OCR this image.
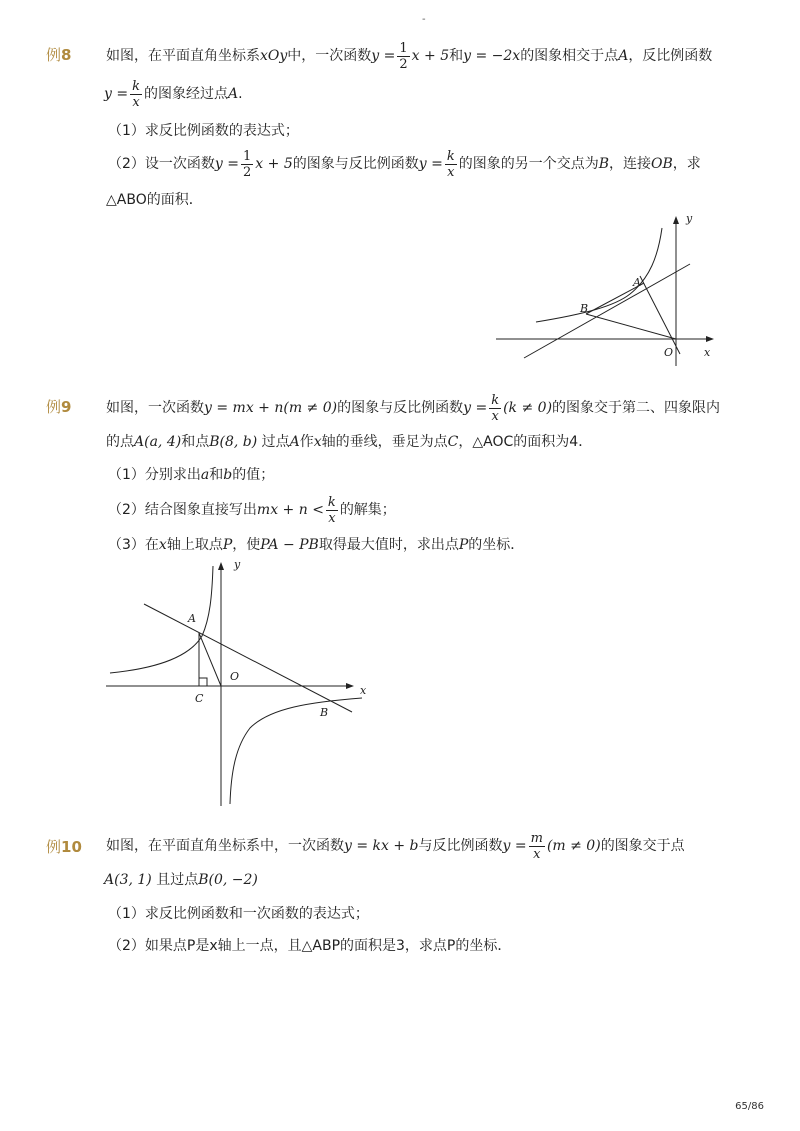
-
例8 如图，在平面直角坐标系xOy中，一次函数$y = \frac{1}{2}$ x + 5和y = −2x的图象相交于点A，反比例函数
$y = \frac{k}{x}$ 的图象经过点A.
（1）求反比例函数的表达式；
（2）设一次函数$y = \frac{1}{2}$ x + 5的图象与反比例函数$y = \frac{k}{x}$ 的图象的另一个交点为B，连接OB，求
△ABO的面积．
y
x
O
A
B
例9 如图，一次函数y = mx + n(m ≠ 0)的图象与反比例函数$y = \frac{k}{x} (k \ne 0)$的图象交于第二、四象限内
的点A(a, 4)和点B(8, b) 过点A作x轴的垂线，垂足为点C，△AOC的面积为4．
（1）分别求出a和b的值；
（2）结合图象直接写出mx + $n < \frac{k}{x}$ 的解集；
（3）在x轴上取点P，使PA − PB取得最大值时，求出点P的坐标．
y
x
O
A
B
C
例10 如图，在平面直角坐标系中，一次函数y = kx + b与反比例函数$y = \frac{m}{x} (m \ne 0)$的图象交于点
A(3, 1) 且过点B(0, −2)
（1）求反比例函数和一次函数的表达式；
（2）如果点P是x轴上一点，且△ABP的面积是3，求点P的坐标．
65/86
